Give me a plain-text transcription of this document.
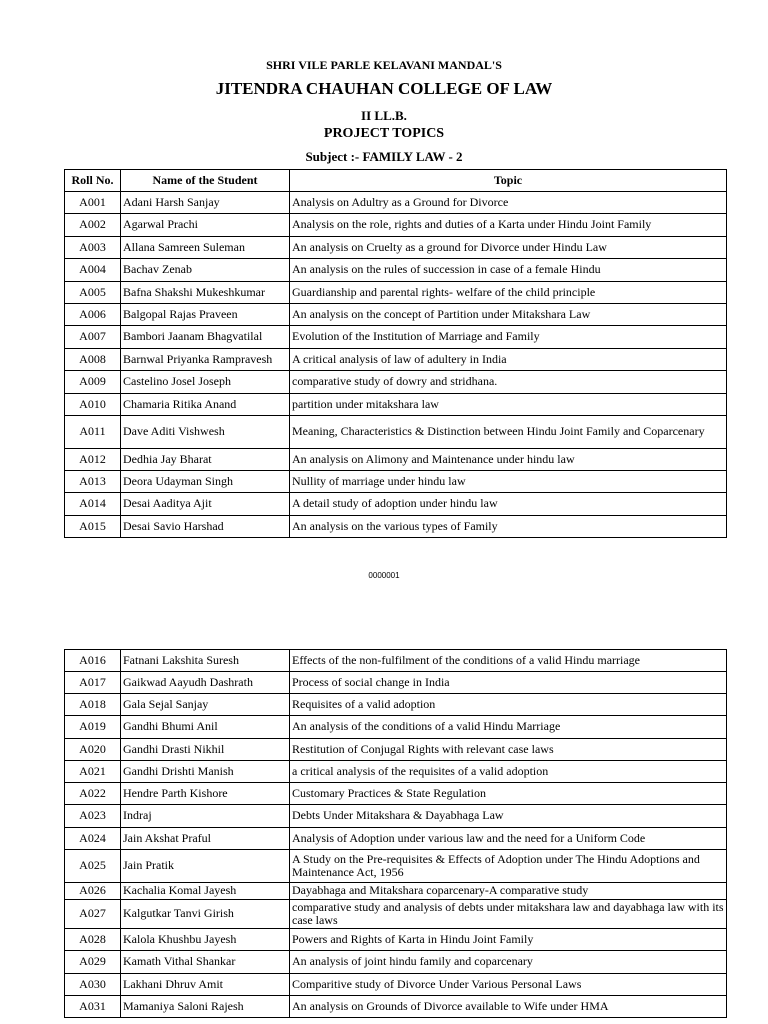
SHRI VILE PARLE KELAVANI MANDAL'S
JITENDRA CHAUHAN COLLEGE OF LAW
II LL.B.
PROJECT TOPICS
Subject :- FAMILY LAW - 2
Roll No.	Name of the Student	Topic
A001	Adani Harsh Sanjay	Analysis on Adultry as a Ground for Divorce
A002	Agarwal Prachi	Analysis on the role, rights and duties of a Karta under Hindu Joint Family
A003	Allana Samreen Suleman	An analysis on Cruelty as a ground for Divorce under Hindu Law
A004	Bachav Zenab	An analysis on the rules of succession in case of a female Hindu
A005	Bafna Shakshi Mukeshkumar	Guardianship and parental rights- welfare of the child principle
A006	Balgopal Rajas Praveen	An analysis on the concept of Partition under Mitakshara Law
A007	Bambori Jaanam Bhagvatilal	Evolution of the Institution of Marriage and Family
A008	Barnwal Priyanka Rampravesh	A critical analysis of law of adultery in India
A009	Castelino Josel Joseph	comparative study of dowry and stridhana.
A010	Chamaria Ritika Anand	partition under mitakshara law
A011	Dave Aditi Vishwesh	Meaning, Characteristics & Distinction between Hindu Joint Family and Coparcenary
A012	Dedhia Jay Bharat	An analysis on Alimony and Maintenance under hindu law
A013	Deora Udayman Singh	Nullity of marriage under hindu law
A014	Desai Aaditya Ajit	A detail study of adoption under hindu law
A015	Desai Savio Harshad	An analysis on the various types of Family
0000001
A016	Fatnani Lakshita Suresh	Effects of the non-fulfilment of the conditions of a valid Hindu marriage
A017	Gaikwad Aayudh Dashrath	Process of social change in India
A018	Gala Sejal Sanjay	Requisites of a valid adoption
A019	Gandhi Bhumi Anil	An analysis of the conditions of a valid Hindu Marriage
A020	Gandhi Drasti Nikhil	Restitution of Conjugal Rights with relevant case laws
A021	Gandhi Drishti Manish	a critical analysis of the requisites of a valid adoption
A022	Hendre Parth Kishore	Customary Practices & State Regulation
A023	Indraj	Debts Under Mitakshara & Dayabhaga Law
A024	Jain Akshat Praful	Analysis of Adoption under various law and the need for a Uniform Code
A025	Jain Pratik	A Study on the Pre-requisites & Effects of Adoption under The Hindu Adoptions and Maintenance Act, 1956
A026	Kachalia Komal Jayesh	Dayabhaga and Mitakshara coparcenary-A comparative study
A027	Kalgutkar Tanvi Girish	comparative study and analysis of debts under mitakshara law and dayabhaga law with its case laws
A028	Kalola Khushbu Jayesh	Powers and Rights of Karta in Hindu Joint Family
A029	Kamath Vithal Shankar	An analysis of joint hindu family and coparcenary
A030	Lakhani Dhruv Amit	Comparitive study of Divorce Under Various Personal Laws
A031	Mamaniya Saloni Rajesh	An analysis on Grounds of Divorce available to Wife under HMA
